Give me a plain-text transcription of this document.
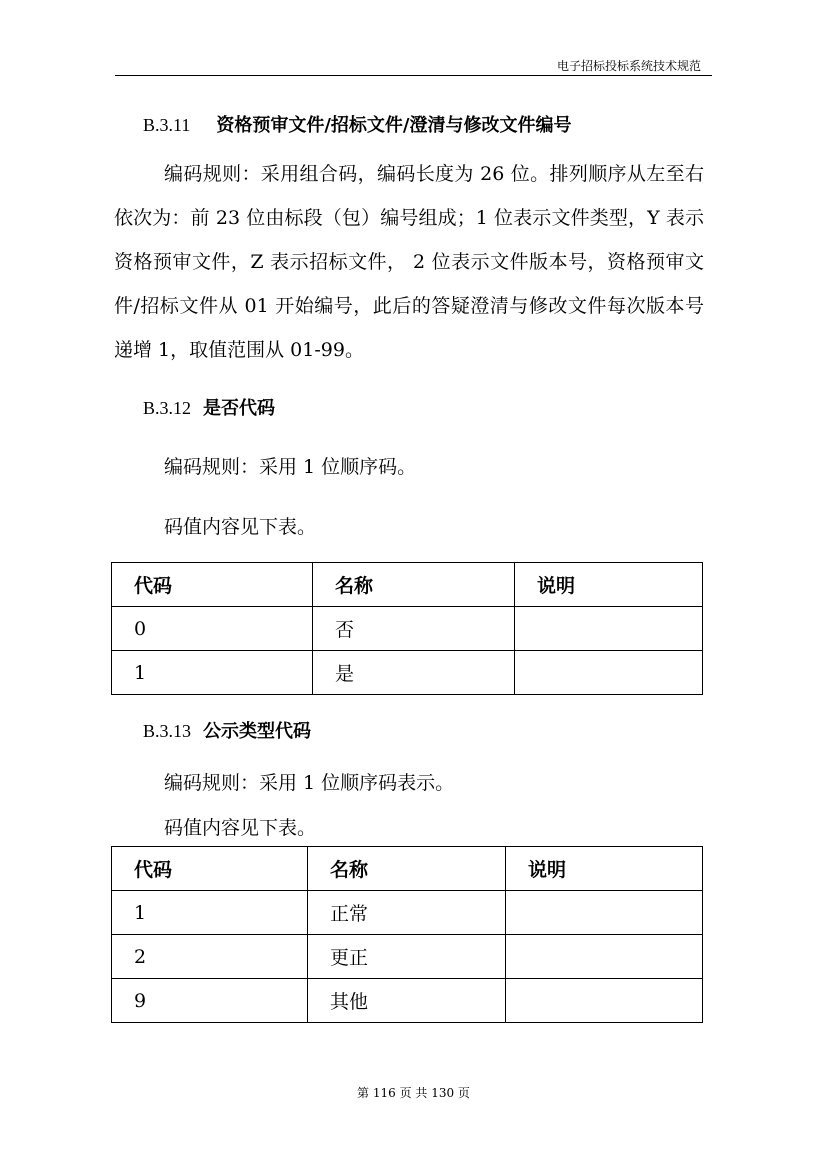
电子招标投标系统技术规范
B.3.11 资格预审文件/招标文件/澄清与修改文件编号
编码规则：采用组合码，编码长度为 26 位。排列顺序从左至右依次为：前 23 位由标段（包）编号组成；1 位表示文件类型，Y 表示资格预审文件，Z 表示招标文件， 2 位表示文件版本号，资格预审文件/招标文件从 01 开始编号，此后的答疑澄清与修改文件每次版本号递增 1，取值范围从 01-99。
B.3.12 是否代码
编码规则：采用 1 位顺序码。
码值内容见下表。
代码	名称	说明
0	否	
1	是	
B.3.13 公示类型代码
编码规则：采用 1 位顺序码表示。
码值内容见下表。
代码	名称	说明
1	正常	
2	更正	
9	其他	
第 116 页 共 130 页
